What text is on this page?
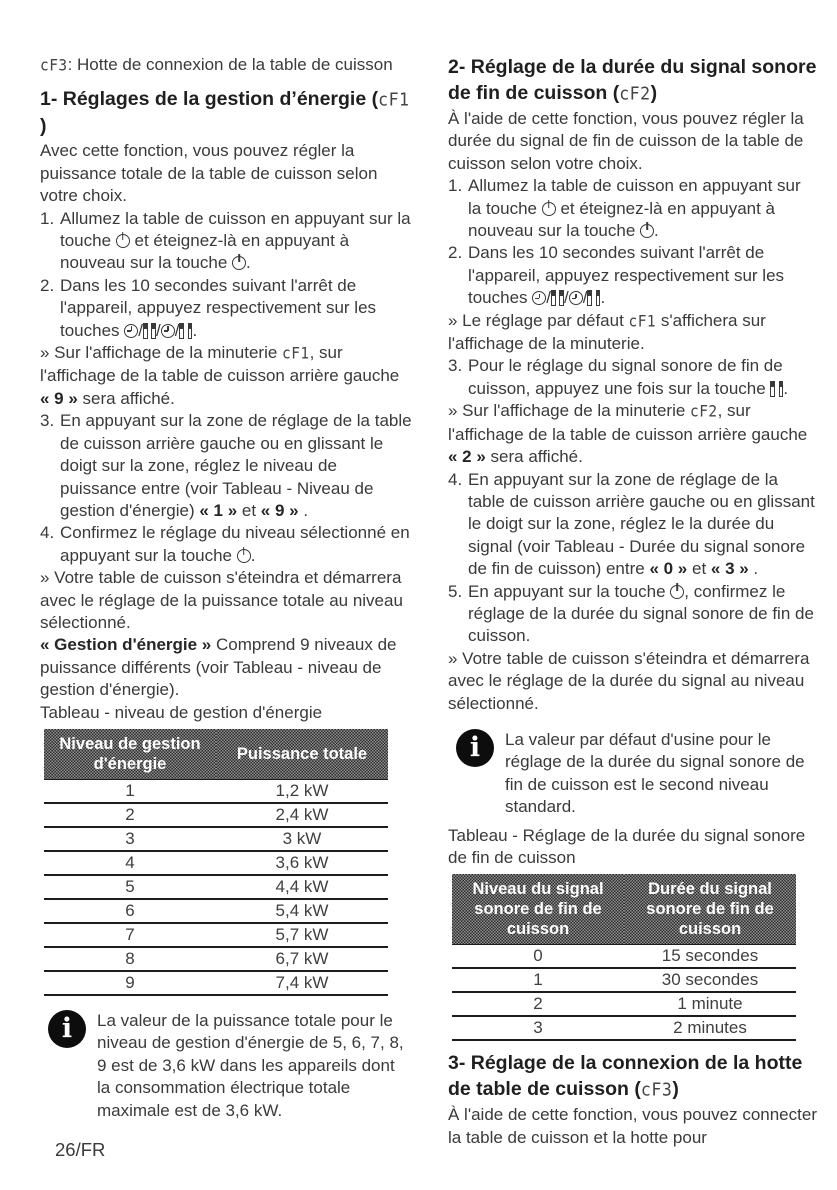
cF3: Hotte de connexion de la table de cuisson

1- Réglages de la gestion d’énergie (cF1)

Avec cette fonction, vous pouvez régler la puissance totale de la table de cuisson selon votre choix.

1. Allumez la table de cuisson en appuyant sur la touche  et éteignez-là en appuyant à nouveau sur la touche .
2. Dans les 10 secondes suivant l'arrêt de l'appareil, appuyez respectivement sur les touches / / / .

» Sur l'affichage de la minuterie cF1, sur l'affichage de la table de cuisson arrière gauche « 9 » sera affiché.

3. En appuyant sur la zone de réglage de la table de cuisson arrière gauche ou en glissant le doigt sur la zone, réglez le niveau de puissance entre (voir Tableau - Niveau de gestion d'énergie) « 1 » et « 9 » .
4. Confirmez le réglage du niveau sélectionné en appuyant sur la touche .

» Votre table de cuisson s'éteindra et démarrera avec le réglage de la puissance totale au niveau sélectionné.

« Gestion d'énergie » Comprend 9 niveaux de puissance différents (voir Tableau - niveau de gestion d'énergie).

Tableau - niveau de gestion d'énergie

Niveau de gestion d'énergie	Puissance totale
1	1,2 kW
2	2,4 kW
3	3 kW
4	3,6 kW
5	4,4 kW
6	5,4 kW
7	5,7 kW
8	6,7 kW
9	7,4 kW
i	La valeur de la puissance totale pour le niveau de gestion d'énergie de 5, 6, 7, 8, 9 est de 3,6 kW dans les appareils dont la consommation électrique totale maximale est de 3,6 kW.
2- Réglage de la durée du signal sonore de fin de cuisson (cF2)

À l'aide de cette fonction, vous pouvez régler la durée du signal de fin de cuisson de la table de cuisson selon votre choix.

1. Allumez la table de cuisson en appuyant sur la touche  et éteignez-là en appuyant à nouveau sur la touche .
2. Dans les 10 secondes suivant l'arrêt de l'appareil, appuyez respectivement sur les touches / / / .

» Le réglage par défaut cF1 s'affichera sur l'affichage de la minuterie.

3. Pour le réglage du signal sonore de fin de cuisson, appuyez une fois sur la touche .

» Sur l'affichage de la minuterie cF2, sur l'affichage de la table de cuisson arrière gauche « 2 » sera affiché.

4. En appuyant sur la zone de réglage de la table de cuisson arrière gauche ou en glissant le doigt sur la zone, réglez le la durée du signal (voir Tableau - Durée du signal sonore de fin de cuisson) entre « 0 » et « 3 » .
5. En appuyant sur la touche , confirmez le réglage de la durée du signal sonore de fin de cuisson.

» Votre table de cuisson s'éteindra et démarrera avec le réglage de la durée du signal au niveau sélectionné.

i	La valeur par défaut d'usine pour le réglage de la durée du signal sonore de fin de cuisson est le second niveau standard.

Tableau - Réglage de la durée du signal sonore de fin de cuisson

Niveau du signal sonore de fin de cuisson	Durée du signal sonore de fin de cuisson
0	15 secondes
1	30 secondes
2	1 minute
3	2 minutes
3- Réglage de la connexion de la hotte de table de cuisson (cF3)

À l'aide de cette fonction, vous pouvez connecter la table de cuisson et la hotte pour

26/FR
